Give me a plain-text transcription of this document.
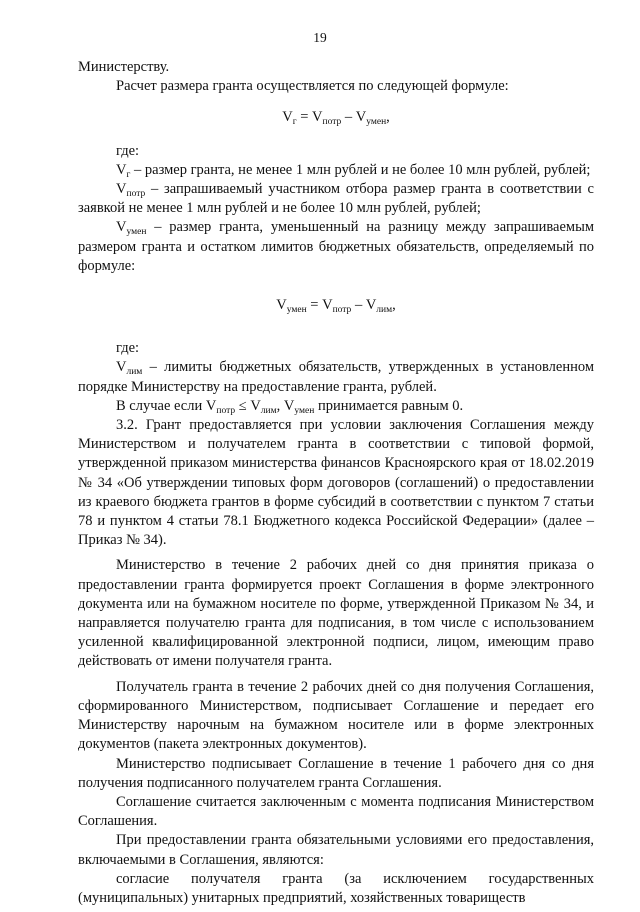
19

Министерству.

Расчет размера гранта осуществляется по следующей формуле:

$V_г = V_{потр} - V_{умен}$,

где:

$V_г$ – размер гранта, не менее 1 млн рублей и не более 10 млн рублей, рублей;

$V_{потр}$ – запрашиваемый участником отбора размер гранта в соответствии с заявкой не менее 1 млн рублей и не более 10 млн рублей, рублей;

$V_{умен}$ – размер гранта, уменьшенный на разницу между запрашиваемым размером гранта и остатком лимитов бюджетных обязательств, определяемый по формуле:

$V_{умен} = V_{потр} - V_{лим}$,

где:

$V_{лим}$ – лимиты бюджетных обязательств, утвержденных в установленном порядке Министерству на предоставление гранта, рублей.

В случае если $V_{потр} \le V_{лим}$, $V_{умен}$ принимается равным 0.

3.2. Грант предоставляется при условии заключения Соглашения между Министерством и получателем гранта в соответствии с типовой формой, утвержденной приказом министерства финансов Красноярского края от 18.02.2019 № 34 «Об утверждении типовых форм договоров (соглашений) о предоставлении из краевого бюджета грантов в форме субсидий в соответствии с пунктом 7 статьи 78 и пунктом 4 статьи 78.1 Бюджетного кодекса Российской Федерации» (далее – Приказ № 34).

Министерство в течение 2 рабочих дней со дня принятия приказа о предоставлении гранта формируется проект Соглашения в форме электронного документа или на бумажном носителе по форме, утвержденной Приказом № 34, и направляется получателю гранта для подписания, в том числе с использованием усиленной квалифицированной электронной подписи, лицом, имеющим право действовать от имени получателя гранта.

Получатель гранта в течение 2 рабочих дней со дня получения Соглашения, сформированного Министерством, подписывает Соглашение и передает его Министерству нарочным на бумажном носителе или в форме электронных документов (пакета электронных документов).

Министерство подписывает Соглашение в течение 1 рабочего дня со дня получения подписанного получателем гранта Соглашения.

Соглашение считается заключенным с момента подписания Министерством Соглашения.

При предоставлении гранта обязательными условиями его предоставления, включаемыми в Соглашения, являются:

согласие получателя гранта (за исключением государственных (муниципальных) унитарных предприятий, хозяйственных товариществ
